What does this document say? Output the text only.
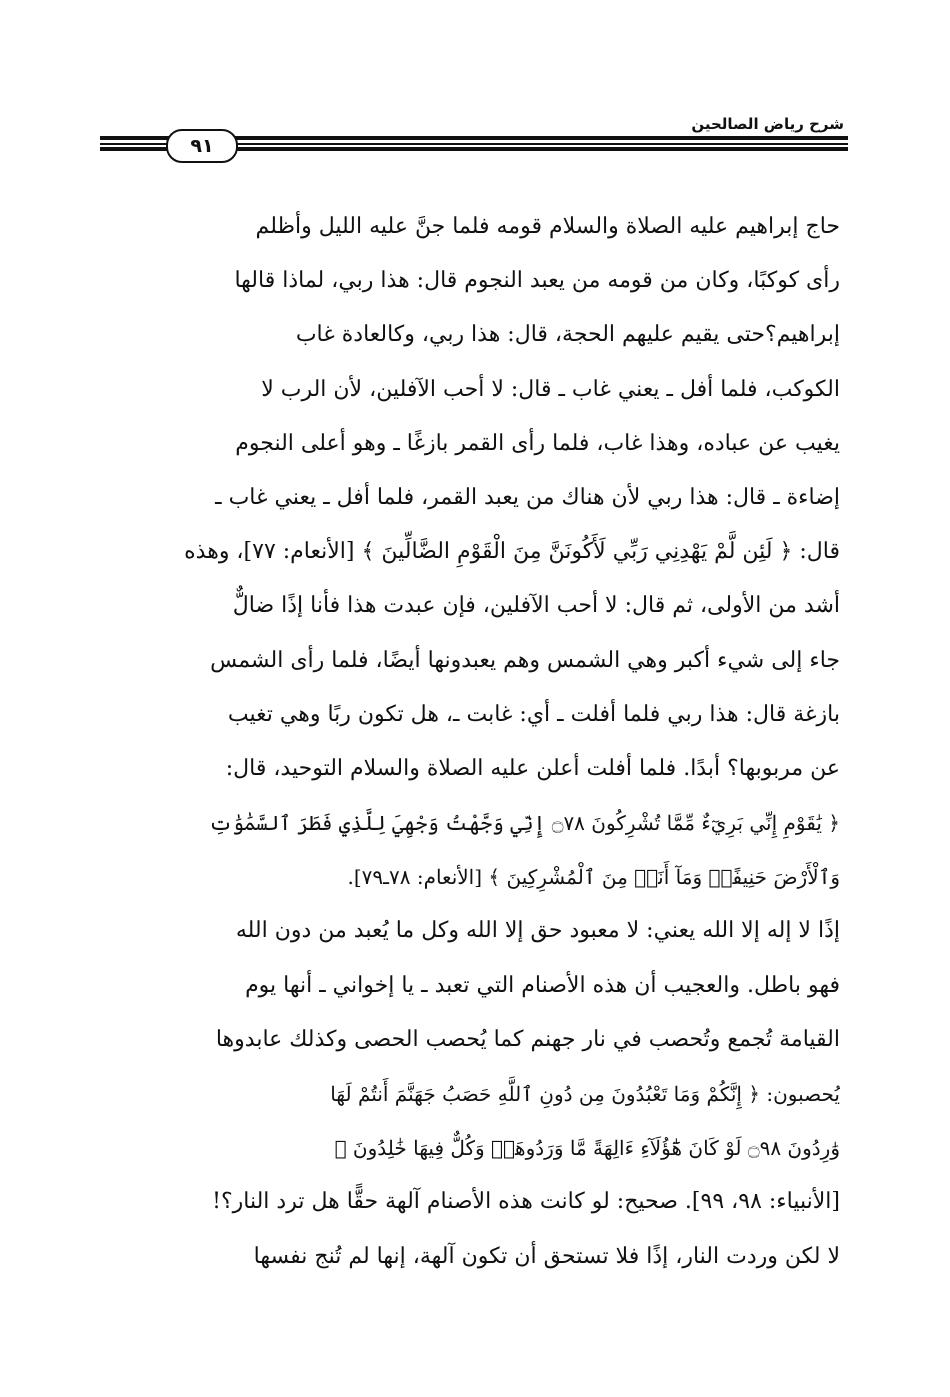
شرح رياض الصالحين
٩١
حاج إبراهيم عليه الصلاة والسلام قومه فلما جنَّ عليه الليل وأظلم
رأى كوكبًا، وكان من قومه من يعبد النجوم قال: هذا ربي، لماذا قالها
إبراهيم؟حتى يقيم عليهم الحجة، قال: هذا ربي، وكالعادة غاب
الكوكب، فلما أفل ـ يعني غاب ـ قال: لا أحب الآفلين، لأن الرب لا
يغيب عن عباده، وهذا غاب، فلما رأى القمر بازغًا ـ وهو أعلى النجوم
إضاءة ـ قال: هذا ربي لأن هناك من يعبد القمر، فلما أفل ـ يعني غاب ـ
قال: ﴿ لَئِن لَّمْ يَهْدِنِي رَبِّي لَأَكُونَنَّ مِنَ الْقَوْمِ الضَّالِّينَ ﴾ [الأنعام: ٧٧]، وهذه
أشد من الأولى، ثم قال: لا أحب الآفلين، فإن عبدت هذا فأنا إذًا ضالٌّ
جاء إلى شيء أكبر وهي الشمس وهم يعبدونها أيضًا، فلما رأى الشمس
بازغة قال: هذا ربي فلما أفلت ـ أي: غابت ـ، هل تكون ربًا وهي تغيب
عن مربوبها؟ أبدًا. فلما أفلت أعلن عليه الصلاة والسلام التوحيد، قال:
﴿ يَٰقَوْمِ إِنِّي بَرِيٓءٌ مِّمَّا تُشْرِكُونَ ۝٧٨ إِنِّي وَجَّهْتُ وَجْهِيَ لِلَّذِي فَطَرَ ٱلسَّمَٰوَٰتِ
وَٱلْأَرْضَ حَنِيفًاۖ وَمَآ أَنَا۠ مِنَ ٱلْمُشْرِكِينَ ﴾ [الأنعام: ٧٨ـ٧٩].
إذًا لا إله إلا الله يعني: لا معبود حق إلا الله وكل ما يُعبد من دون الله
فهو باطل. والعجيب أن هذه الأصنام التي تعبد ـ يا إخواني ـ أنها يوم
القيامة تُجمع وتُحصب في نار جهنم كما يُحصب الحصى وكذلك عابدوها
يُحصبون: ﴿ إِنَّكُمْ وَمَا تَعْبُدُونَ مِن دُونِ ٱللَّهِ حَصَبُ جَهَنَّمَ أَنتُمْ لَهَا
وَٰرِدُونَ ۝٩٨ لَوْ كَانَ هَٰٓؤُلَآءِ ءَالِهَةً مَّا وَرَدُوهَاۖ وَكُلٌّ فِيهَا خَٰلِدُونَ ﴾
[الأنبياء: ٩٨، ٩٩]. صحيح: لو كانت هذه الأصنام آلهة حقًّا هل ترد النار؟!
لا لكن وردت النار، إذًا فلا تستحق أن تكون آلهة، إنها لم تُنج نفسها
